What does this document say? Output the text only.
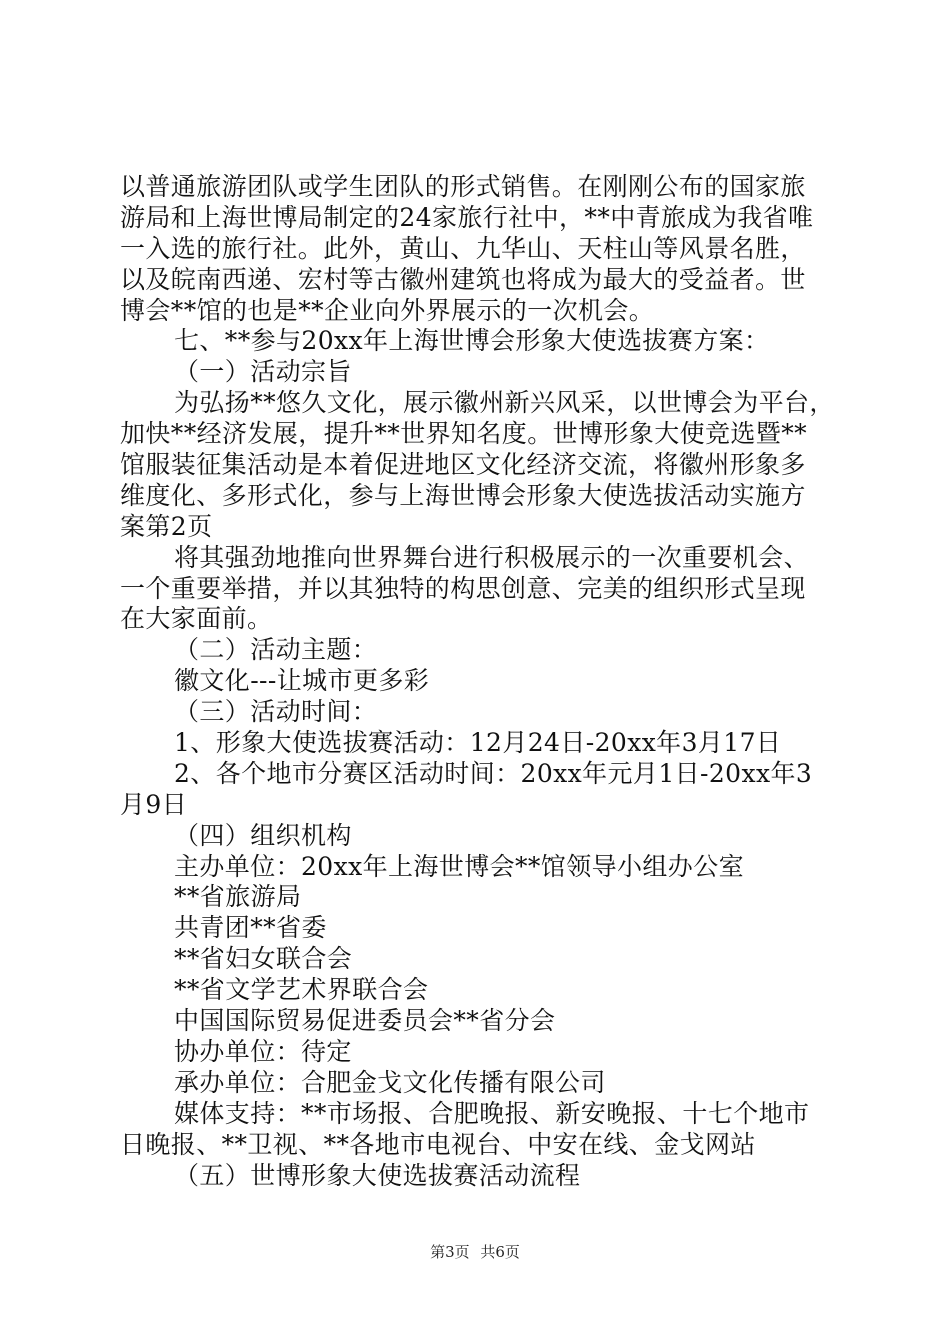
以普通旅游团队或学生团队的形式销售。在刚刚公布的国家旅
游局和上海世博局制定的24家旅行社中，**中青旅成为我省唯
一入选的旅行社。此外，黄山、九华山、天柱山等风景名胜，
以及皖南西递、宏村等古徽州建筑也将成为最大的受益者。世
博会**馆的也是**企业向外界展示的一次机会。
七、**参与20xx年上海世博会形象大使选拔赛方案：
（一）活动宗旨
为弘扬**悠久文化，展示徽州新兴风采，以世博会为平台，
加快**经济发展，提升**世界知名度。世博形象大使竞选暨**
馆服装征集活动是本着促进地区文化经济交流，将徽州形象多
维度化、多形式化，参与上海世博会形象大使选拔活动实施方
案第2页
将其强劲地推向世界舞台进行积极展示的一次重要机会、
一个重要举措，并以其独特的构思创意、完美的组织形式呈现
在大家面前。
（二）活动主题：
徽文化---让城市更多彩
（三）活动时间：
1、形象大使选拔赛活动：12月24日-20xx年3月17日
2、各个地市分赛区活动时间：20xx年元月1日-20xx年3
月9日
（四）组织机构
主办单位：20xx年上海世博会**馆领导小组办公室
**省旅游局
共青团**省委
**省妇女联合会
**省文学艺术界联合会
中国国际贸易促进委员会**省分会
协办单位：待定
承办单位：合肥金戈文化传播有限公司
媒体支持：**市场报、合肥晚报、新安晚报、十七个地市
日晚报、**卫视、**各地市电视台、中安在线、金戈网站
（五）世博形象大使选拔赛活动流程
第3页 共6页
